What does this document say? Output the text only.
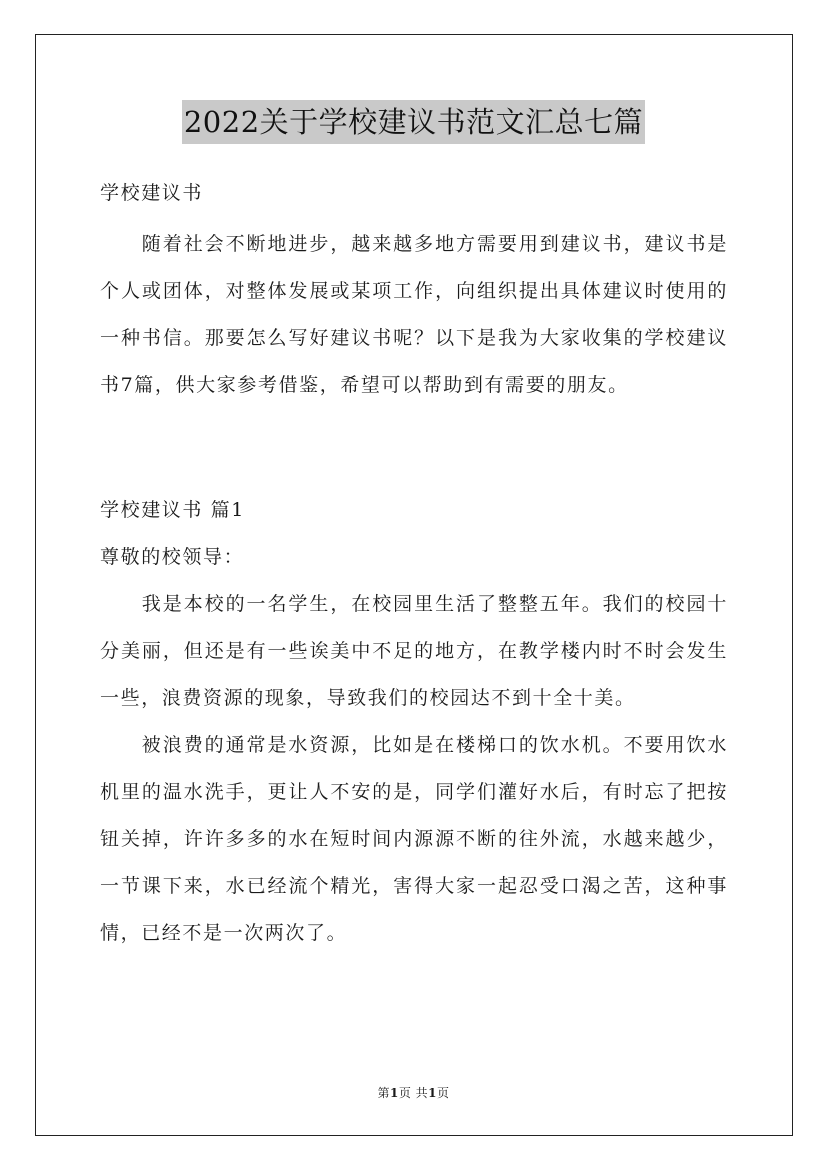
2022关于学校建议书范文汇总七篇

学校建议书

随着社会不断地进步，越来越多地方需要用到建议书，建议书是个人或团体，对整体发展或某项工作，向组织提出具体建议时使用的一种书信。那要怎么写好建议书呢？以下是我为大家收集的学校建议书7篇，供大家参考借鉴，希望可以帮助到有需要的朋友。

学校建议书 篇1

尊敬的校领导：

我是本校的一名学生，在校园里生活了整整五年。我们的校园十分美丽，但还是有一些诶美中不足的地方，在教学楼内时不时会发生一些，浪费资源的现象，导致我们的校园达不到十全十美。

被浪费的通常是水资源，比如是在楼梯口的饮水机。不要用饮水机里的温水洗手，更让人不安的是，同学们灌好水后，有时忘了把按钮关掉，许许多多的水在短时间内源源不断的往外流，水越来越少，一节课下来，水已经流个精光，害得大家一起忍受口渴之苦，这种事情，已经不是一次两次了。

第1页 共1页
